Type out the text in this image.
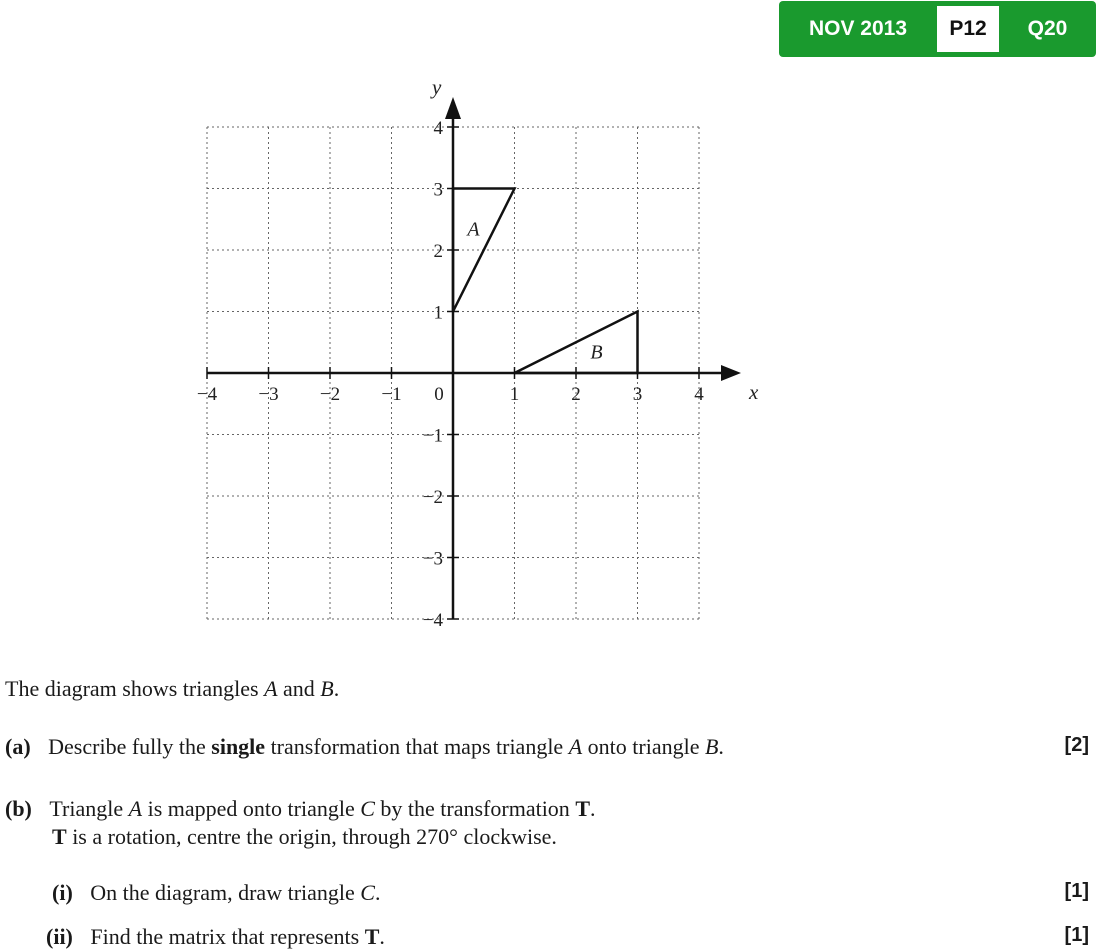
NOV 2013	P12	Q20
−4 −3 −2 −1 0	1	2	3	4
4
3
2
1
−1
−2
−3
−4
x
y
A
B
The diagram shows triangles A and B.
(a) Describe fully the single transformation that maps triangle A onto triangle B.	[2]
(b) Triangle A is mapped onto triangle C by the transformation T.
T is a rotation, centre the origin, through 270° clockwise.
(i) On the diagram, draw triangle C.	[1]
(ii) Find the matrix that represents T.	[1]
